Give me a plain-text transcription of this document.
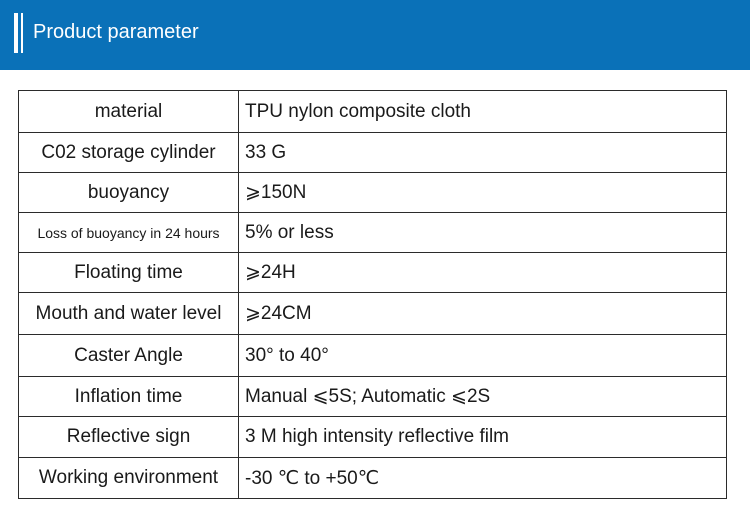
Product parameter
material	TPU nylon composite cloth
C02 storage cylinder	33 G
buoyancy	⩾150N
Loss of buoyancy in 24 hours	5% or less
Floating time	⩾24H
Mouth and water level	⩾24CM
Caster Angle	30° to 40°
Inflation time	Manual ⩽5S; Automatic ⩽2S
Reflective sign	3 M high intensity reflective film
Working environment	-30 ℃ to +50℃
